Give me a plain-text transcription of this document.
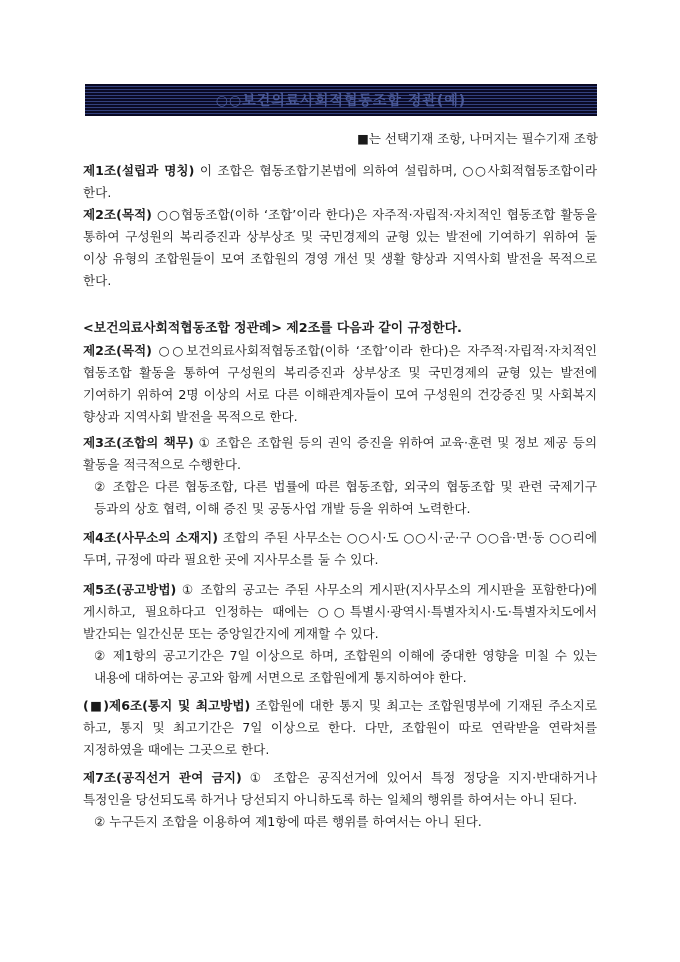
○○보건의료사회적협동조합 정관(예)
■는 선택기재 조항, 나머지는 필수기재 조항
제1조(설립과 명칭) 이 조합은 협동조합기본법에 의하여 설립하며, ○○사회적협동조합이라 한다.
제2조(목적) ○○협동조합(이하 ‘조합’이라 한다)은 자주적·자립적·자치적인 협동조합 활동을 통하여 구성원의 복리증진과 상부상조 및 국민경제의 균형 있는 발전에 기여하기 위하여 둘 이상 유형의 조합원들이 모여 조합원의 경영 개선 및 생활 향상과 지역사회 발전을 목적으로 한다.
<보건의료사회적협동조합 정관례> 제2조를 다음과 같이 규정한다.
제2조(목적) ○○보건의료사회적협동조합(이하 ‘조합’이라 한다)은 자주적·자립적·자치적인 협동조합 활동을 통하여 구성원의 복리증진과 상부상조 및 국민경제의 균형 있는 발전에 기여하기 위하여 2명 이상의 서로 다른 이해관계자들이 모여 구성원의 건강증진 및 사회복지 향상과 지역사회 발전을 목적으로 한다.
제3조(조합의 책무) ① 조합은 조합원 등의 권익 증진을 위하여 교육·훈련 및 정보 제공 등의 활동을 적극적으로 수행한다.
② 조합은 다른 협동조합, 다른 법률에 따른 협동조합, 외국의 협동조합 및 관련 국제기구 등과의 상호 협력, 이해 증진 및 공동사업 개발 등을 위하여 노력한다.
제4조(사무소의 소재지) 조합의 주된 사무소는 ○○시·도 ○○시·군·구 ○○읍·면·동 ○○리에 두며, 규정에 따라 필요한 곳에 지사무소를 둘 수 있다.
제5조(공고방법) ① 조합의 공고는 주된 사무소의 게시판(지사무소의 게시판을 포함한다)에 게시하고, 필요하다고 인정하는 때에는 ○○특별시·광역시·특별자치시·도·특별자치도에서 발간되는 일간신문 또는 중앙일간지에 게재할 수 있다.
② 제1항의 공고기간은 7일 이상으로 하며, 조합원의 이해에 중대한 영향을 미칠 수 있는 내용에 대하여는 공고와 함께 서면으로 조합원에게 통지하여야 한다.
(■)제6조(통지 및 최고방법) 조합원에 대한 통지 및 최고는 조합원명부에 기재된 주소지로 하고, 통지 및 최고기간은 7일 이상으로 한다. 다만, 조합원이 따로 연락받을 연락처를 지정하였을 때에는 그곳으로 한다.
제7조(공직선거 관여 금지) ① 조합은 공직선거에 있어서 특정 정당을 지지·반대하거나 특정인을 당선되도록 하거나 당선되지 아니하도록 하는 일체의 행위를 하여서는 아니 된다.
② 누구든지 조합을 이용하여 제1항에 따른 행위를 하여서는 아니 된다.
